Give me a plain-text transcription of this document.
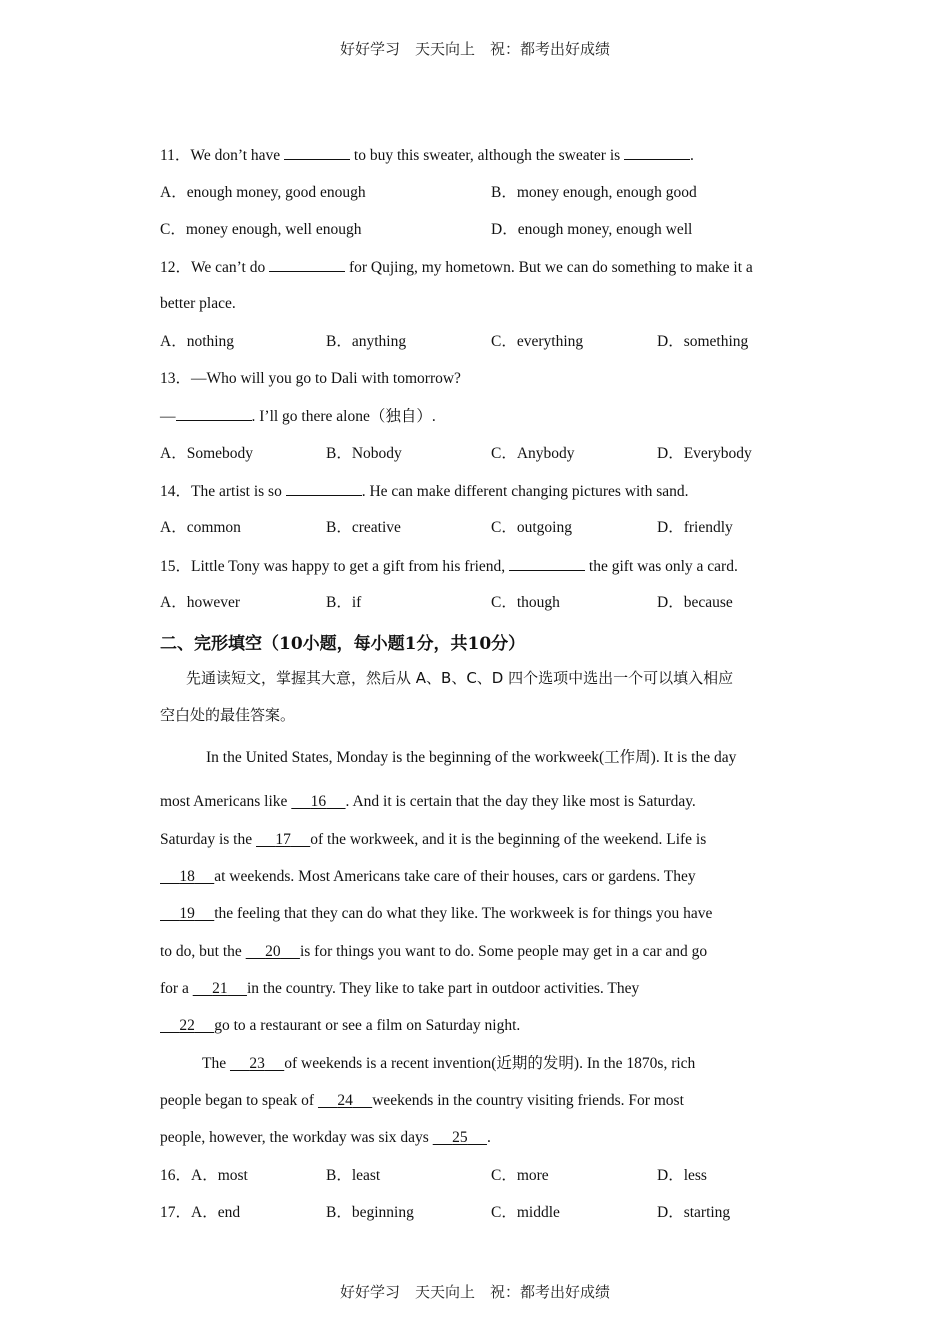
好好学习　天天向上　祝：都考出好成绩
11．We don’t have	to buy this sweater, although the sweater is	.
A．enough money, good enough	B．money enough, enough good
C．money enough, well enough	D．enough money, enough well
12．We can’t do	for Qujing, my hometown. But we can do something to make it a
better place.
A．nothing	B．anything	C．everything	D．something
13．—Who will you go to Dali with tomorrow?
—	. I’ll go there alone（独自）.
A．Somebody	B．Nobody	C．Anybody	D．Everybody
14．The artist is so	. He can make different changing pictures with sand.
A．common	B．creative	C．outgoing	D．friendly
15．Little Tony was happy to get a gift from his friend,	the gift was only a card.
A．however	B．if	C．though	D．because
二、完形填空（10小题，每小题1分，共10分）
先通读短文，掌握其大意，然后从 A、B、C、D 四个选项中选出一个可以填入相应
空白处的最佳答案。
In the United States, Monday is the beginning of the workweek(工作周). It is the day
most Americans like   16   . And it is certain that the day they like most is Saturday.
Saturday is the   17   of the workweek, and it is the beginning of the weekend. Life is
  18   at weekends. Most Americans take care of their houses, cars or gardens. They
  19   the feeling that they can do what they like. The workweek is for things you have
to do, but the   20   is for things you want to do. Some people may get in a car and go
for a   21   in the country. They like to take part in outdoor activities. They
  22   go to a restaurant or see a film on Saturday night.
The   23   of weekends is a recent invention(近期的发明). In the 1870s, rich
people began to speak of   24   weekends in the country visiting friends. For most
people, however, the workday was six days   25   .
16．A．most	B．least	C．more	D．less
17．A．end	B．beginning	C．middle	D．starting
好好学习　天天向上　祝：都考出好成绩
